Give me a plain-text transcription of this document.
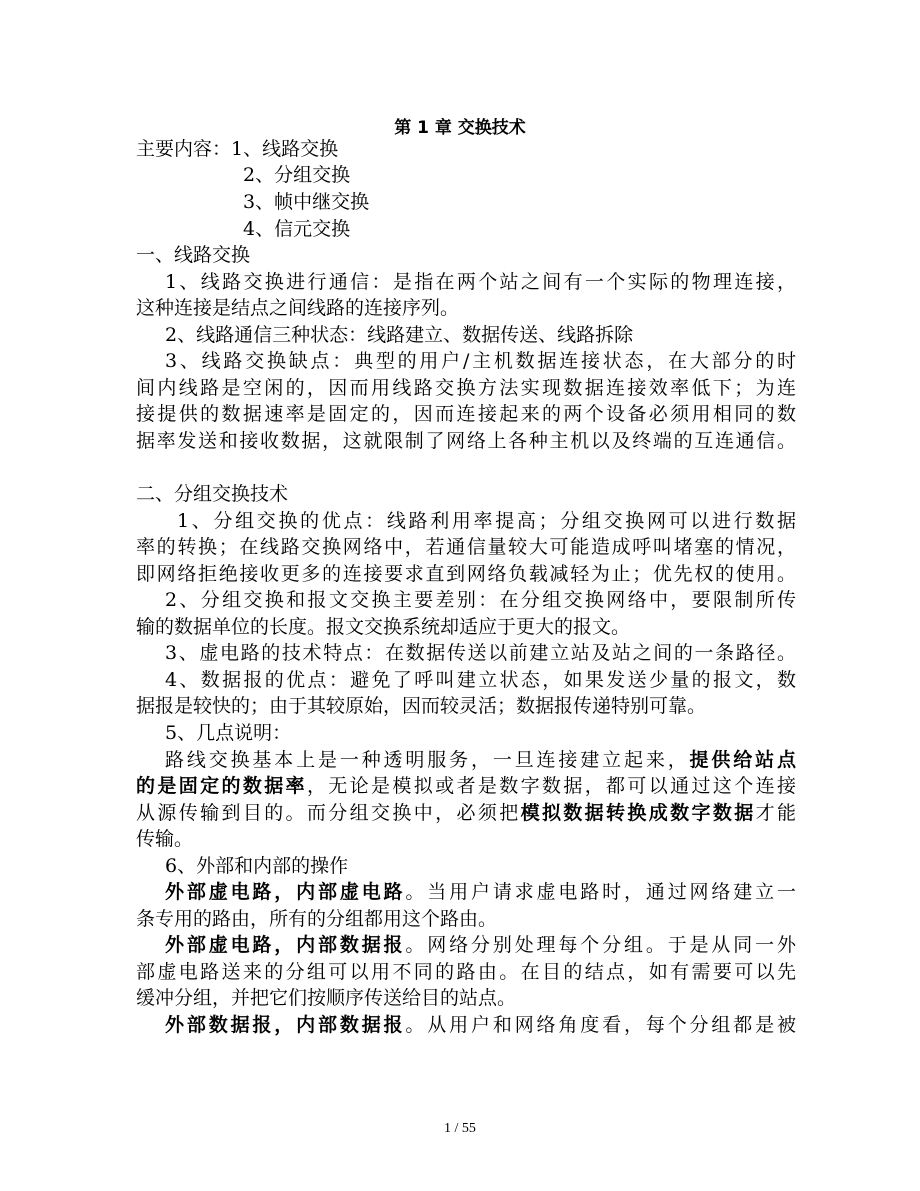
第 1 章 交换技术
主要内容：1、线路交换
2、分组交换
3、帧中继交换
4、信元交换
一、线路交换
1、线路交换进行通信：是指在两个站之间有一个实际的物理连接，
这种连接是结点之间线路的连接序列。
2、线路通信三种状态：线路建立、数据传送、线路拆除
3、线路交换缺点：典型的用户/主机数据连接状态，在大部分的时
间内线路是空闲的，因而用线路交换方法实现数据连接效率低下；为连
接提供的数据速率是固定的，因而连接起来的两个设备必须用相同的数
据率发送和接收数据，这就限制了网络上各种主机以及终端的互连通信。
二、分组交换技术
1、分组交换的优点：线路利用率提高；分组交换网可以进行数据
率的转换；在线路交换网络中，若通信量较大可能造成呼叫堵塞的情况，
即网络拒绝接收更多的连接要求直到网络负载减轻为止；优先权的使用。
2、分组交换和报文交换主要差别：在分组交换网络中，要限制所传
输的数据单位的长度。报文交换系统却适应于更大的报文。
3、虚电路的技术特点：在数据传送以前建立站及站之间的一条路径。
4、数据报的优点：避免了呼叫建立状态，如果发送少量的报文，数
据报是较快的；由于其较原始，因而较灵活；数据报传递特别可靠。
5、几点说明：
路线交换基本上是一种透明服务，一旦连接建立起来，提供给站点
的是固定的数据率，无论是模拟或者是数字数据，都可以通过这个连接
从源传输到目的。而分组交换中，必须把模拟数据转换成数字数据才能
传输。
6、外部和内部的操作
外部虚电路，内部虚电路。当用户请求虚电路时，通过网络建立一
条专用的路由，所有的分组都用这个路由。
外部虚电路，内部数据报。网络分别处理每个分组。于是从同一外
部虚电路送来的分组可以用不同的路由。在目的结点，如有需要可以先
缓冲分组，并把它们按顺序传送给目的站点。
外部数据报，内部数据报。从用户和网络角度看，每个分组都是被
1 / 55
